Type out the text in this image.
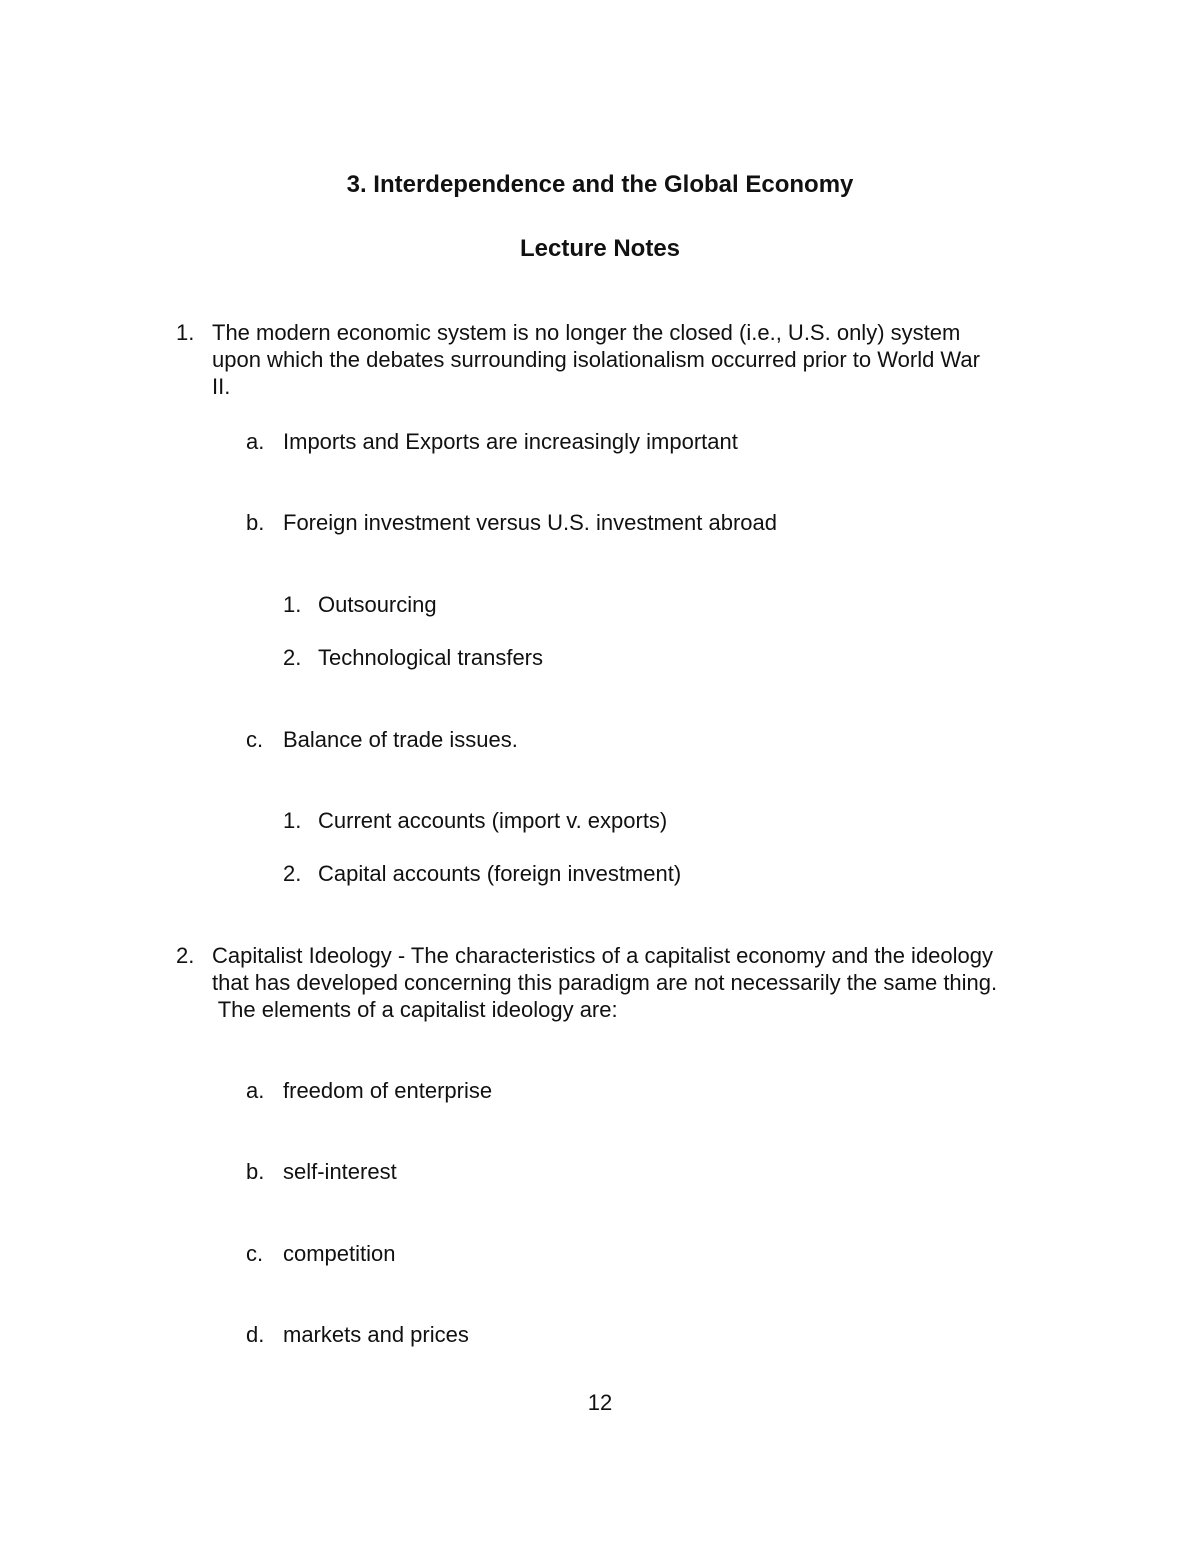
3. Interdependence and the Global Economy
Lecture Notes
1. The modern economic system is no longer the closed (i.e., U.S. only) system
upon which the debates surrounding isolationalism occurred prior to World War
II.
a. Imports and Exports are increasingly important
b. Foreign investment versus U.S. investment abroad
1. Outsourcing
2. Technological transfers
c. Balance of trade issues.
1. Current accounts (import v. exports)
2. Capital accounts (foreign investment)
2. Capitalist Ideology - The characteristics of a capitalist economy and the ideology
that has developed concerning this paradigm are not necessarily the same thing.
The elements of a capitalist ideology are:
a. freedom of enterprise
b. self-interest
c. competition
d. markets and prices
12
